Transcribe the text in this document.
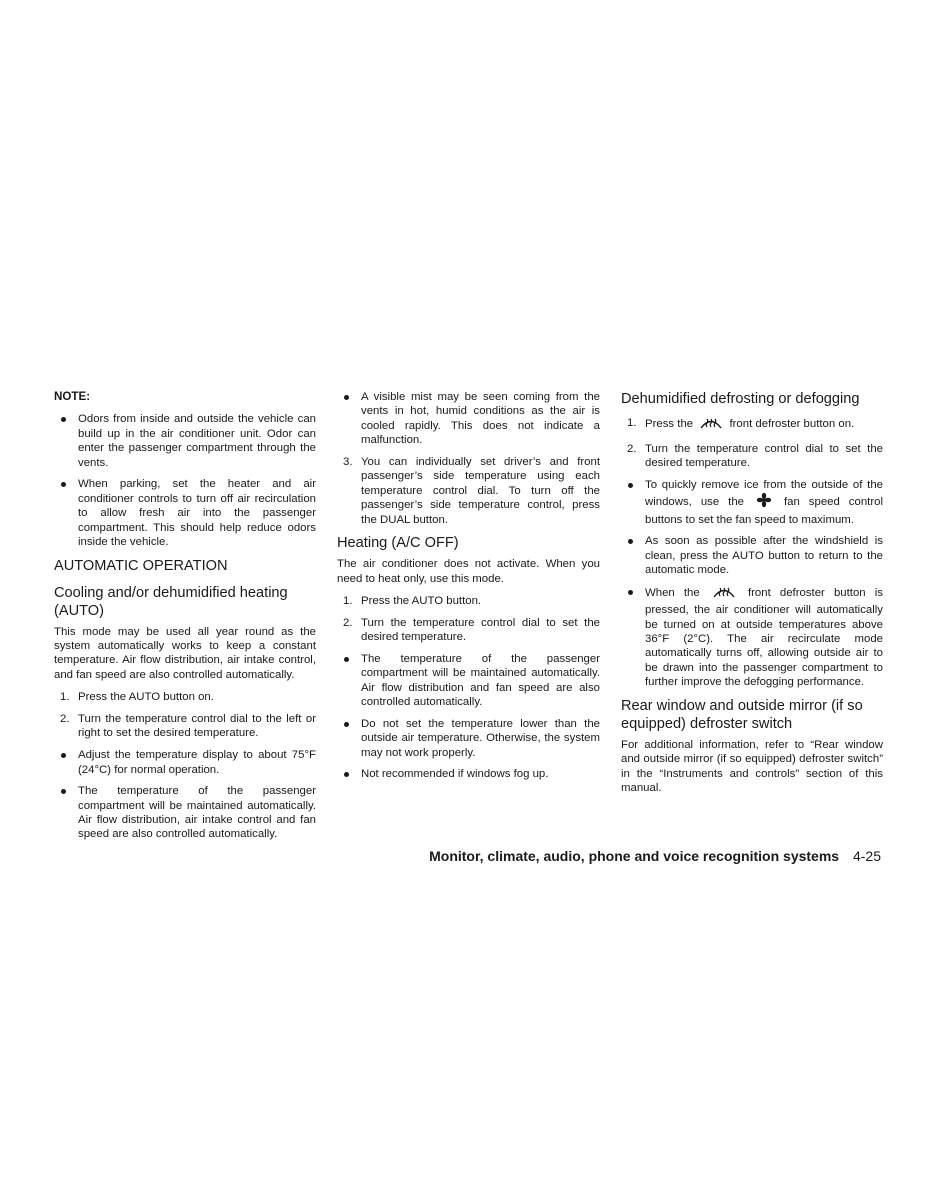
NOTE:

Odors from inside and outside the vehicle can build up in the air conditioner unit. Odor can enter the passenger compartment through the vents.
When parking, set the heater and air conditioner controls to turn off air recirculation to allow fresh air into the passenger compartment. This should help reduce odors inside the vehicle.
AUTOMATIC OPERATION
Cooling and/or dehumidified heating (AUTO)

This mode may be used all year round as the system automatically works to keep a constant temperature. Air flow distribution, air intake control, and fan speed are also controlled automatically.

1. Press the AUTO button on.
2. Turn the temperature control dial to the left or right to set the desired temperature.
Adjust the temperature display to about 75°F (24°C) for normal operation.
The temperature of the passenger compartment will be maintained automatically. Air flow distribution, air intake control and fan speed are also controlled automatically.
A visible mist may be seen coming from the vents in hot, humid conditions as the air is cooled rapidly. This does not indicate a malfunction.
3. You can individually set driver’s and front passenger’s side temperature using each temperature control dial. To turn off the passenger’s side temperature control, press the DUAL button.
Heating (A/C OFF)

The air conditioner does not activate. When you need to heat only, use this mode.

1. Press the AUTO button.
2. Turn the temperature control dial to set the desired temperature.
The temperature of the passenger compartment will be maintained automatically. Air flow distribution and fan speed are also controlled automatically.
Do not set the temperature lower than the outside air temperature. Otherwise, the system may not work properly.
Not recommended if windows fog up.
Dehumidified defrosting or defogging
1. Press the	front defroster button on.
2. Turn the temperature control dial to set the desired temperature.
To quickly remove ice from the outside of the windows, use the	fan speed control buttons to set the fan speed to maximum.
As soon as possible after the windshield is clean, press the AUTO button to return to the automatic mode.
When the	front defroster button is pressed, the air conditioner will automatically be turned on at outside temperatures above 36°F (2°C). The air recirculate mode automatically turns off, allowing outside air to be drawn into the passenger compartment to further improve the defogging performance.
Rear window and outside mirror (if so equipped) defroster switch

For additional information, refer to “Rear window and outside mirror (if so equipped) defroster switch” in the “Instruments and controls” section of this manual.

Monitor, climate, audio, phone and voice recognition systems 4-25
